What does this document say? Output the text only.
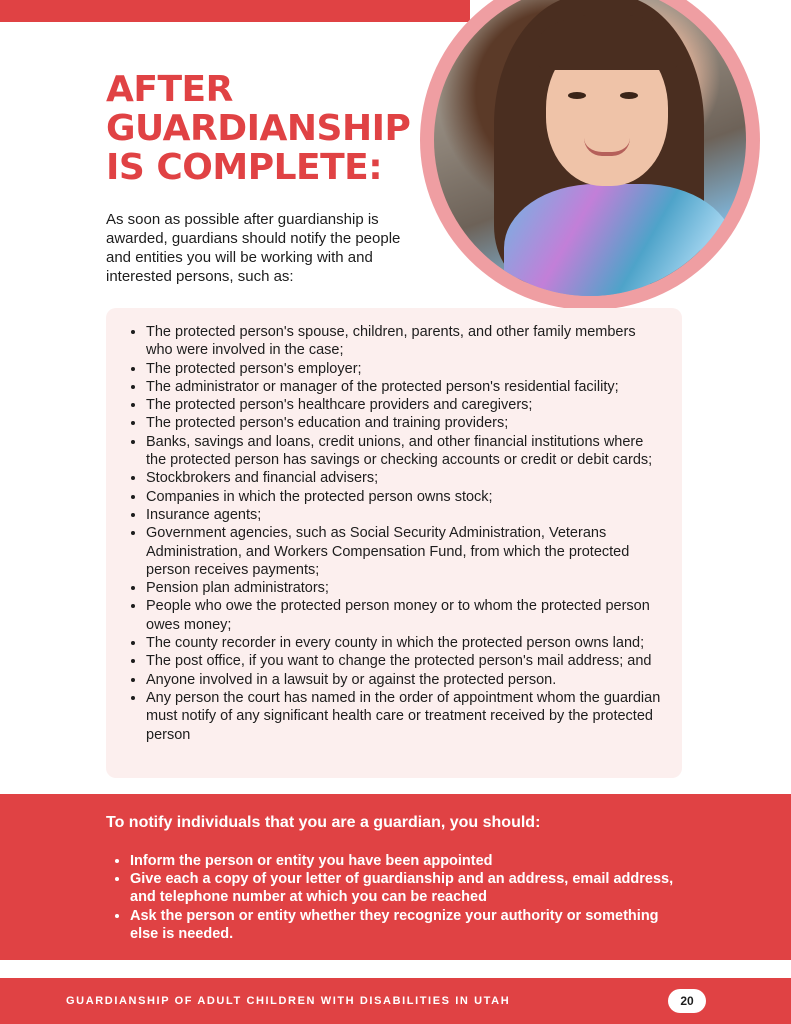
AFTER
GUARDIANSHIP
IS COMPLETE:

As soon as possible after guardianship is awarded, guardians should notify the people and entities you will be working with and interested persons, such as:

• The protected person's spouse, children, parents, and other family members who were involved in the case;
• The protected person's employer;
• The administrator or manager of the protected person's residential facility;
• The protected person's healthcare providers and caregivers;
• The protected person's education and training providers;
• Banks, savings and loans, credit unions, and other financial institutions where the protected person has savings or checking accounts or credit or debit cards;
• Stockbrokers and financial advisers;
• Companies in which the protected person owns stock;
• Insurance agents;
• Government agencies, such as Social Security Administration, Veterans Administration, and Workers Compensation Fund, from which the protected person receives payments;
• Pension plan administrators;
• People who owe the protected person money or to whom the protected person owes money;
• The county recorder in every county in which the protected person owns land;
• The post office, if you want to change the protected person's mail address; and
• Anyone involved in a lawsuit by or against the protected person.
• Any person the court has named in the order of appointment whom the guardian must notify of any significant health care or treatment received by the protected person

To notify individuals that you are a guardian, you should:

• Inform the person or entity you have been appointed
• Give each a copy of your letter of guardianship and an address, email address, and telephone number at which you can be reached
• Ask the person or entity whether they recognize your authority or something else is needed.

GUARDIANSHIP OF ADULT CHILDREN WITH DISABILITIES IN UTAH	20
